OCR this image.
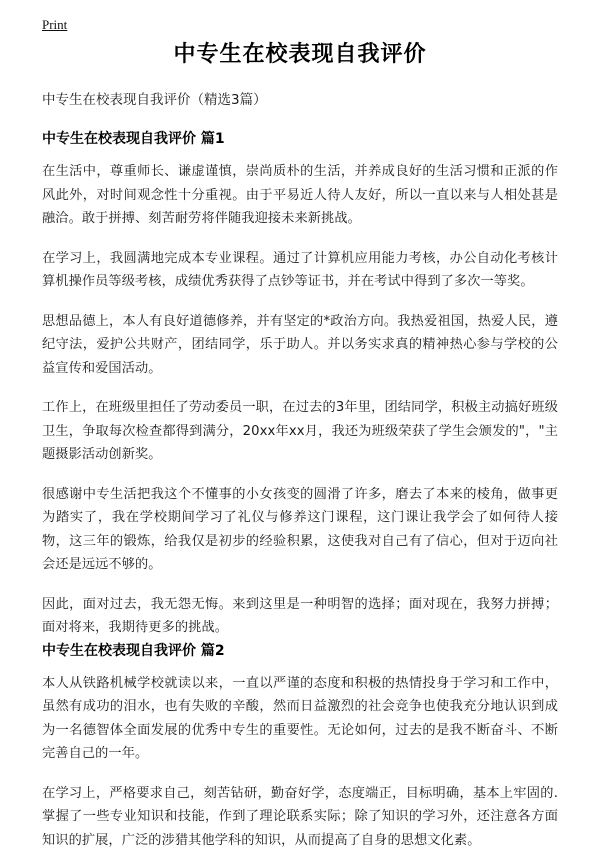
Print
中专生在校表现自我评价

中专生在校表现自我评价（精选3篇）

中专生在校表现自我评价 篇1

在生活中，尊重师长、谦虚谨慎，崇尚质朴的生活，并养成良好的生活习惯和正派的作风此外，对时间观念性十分重视。由于平易近人待人友好，所以一直以来与人相处甚是融洽。敢于拼搏、刻苦耐劳将伴随我迎接未来新挑战。

在学习上，我圆满地完成本专业课程。通过了计算机应用能力考核，办公自动化考核计算机操作员等级考核，成绩优秀获得了点钞等证书，并在考试中得到了多次一等奖。

思想品德上，本人有良好道德修养，并有坚定的*政治方向。我热爱祖国，热爱人民，遵纪守法，爱护公共财产，团结同学，乐于助人。并以务实求真的精神热心参与学校的公益宣传和爱国活动。

工作上，在班级里担任了劳动委员一职，在过去的3年里，团结同学，积极主动搞好班级卫生，争取每次检查都得到满分，20xx年xx月，我还为班级荣获了学生会颁发的"，"主题摄影活动创新奖。

很感谢中专生活把我这个不懂事的小女孩变的圆滑了许多，磨去了本来的棱角，做事更为踏实了，我在学校期间学习了礼仪与修养这门课程，这门课让我学会了如何待人接物，这三年的锻炼，给我仅是初步的经验积累，这使我对自己有了信心，但对于迈向社会还是远远不够的。

因此，面对过去，我无怨无悔。来到这里是一种明智的选择；面对现在，我努力拼搏；面对将来，我期待更多的挑战。

中专生在校表现自我评价 篇2

本人从铁路机械学校就读以来，一直以严谨的态度和积极的热情投身于学习和工作中，虽然有成功的泪水，也有失败的辛酸，然而日益激烈的社会竞争也使我充分地认识到成为一名德智体全面发展的优秀中专生的重要性。无论如何，过去的是我不断奋斗、不断完善自己的一年。

在学习上，严格要求自己，刻苦钻研，勤奋好学，态度端正，目标明确，基本上牢固的.掌握了一些专业知识和技能，作到了理论联系实际；除了知识的学习外，还注意各方面知识的扩展，广泛的涉猎其他学科的知识，从而提高了自身的思想文化素。
